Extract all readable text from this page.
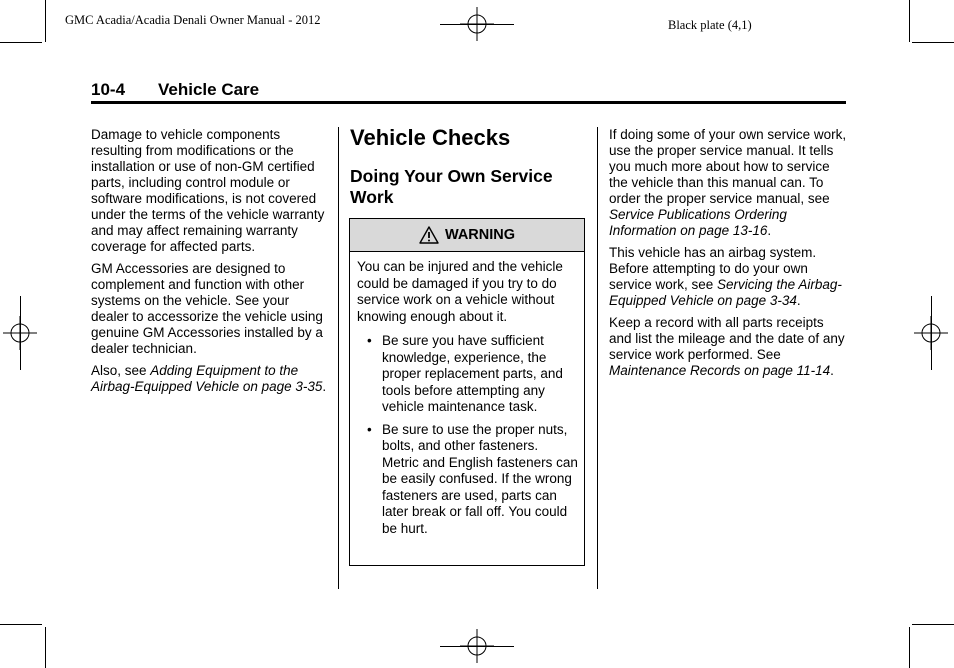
GMC Acadia/Acadia Denali Owner Manual - 2012	Black plate (4,1)
10-4 Vehicle Care

Damage to vehicle components resulting from modifications or the installation or use of non-GM certified parts, including control module or software modifications, is not covered under the terms of the vehicle warranty and may affect remaining warranty coverage for affected parts.

GM Accessories are designed to complement and function with other systems on the vehicle. See your dealer to accessorize the vehicle using genuine GM Accessories installed by a dealer technician.

Also, see Adding Equipment to the Airbag-Equipped Vehicle on page 3-35.

Vehicle Checks
Doing Your Own Service Work
WARNING

You can be injured and the vehicle could be damaged if you try to do service work on a vehicle without knowing enough about it.

• Be sure you have sufficient knowledge, experience, the proper replacement parts, and tools before attempting any vehicle maintenance task.
• Be sure to use the proper nuts, bolts, and other fasteners. Metric and English fasteners can be easily confused. If the wrong fasteners are used, parts can later break or fall off. You could be hurt.

If doing some of your own service work, use the proper service manual. It tells you much more about how to service the vehicle than this manual can. To order the proper service manual, see Service Publications Ordering Information on page 13-16.

This vehicle has an airbag system. Before attempting to do your own service work, see Servicing the Airbag-Equipped Vehicle on page 3-34.

Keep a record with all parts receipts and list the mileage and the date of any service work performed. See Maintenance Records on page 11-14.
